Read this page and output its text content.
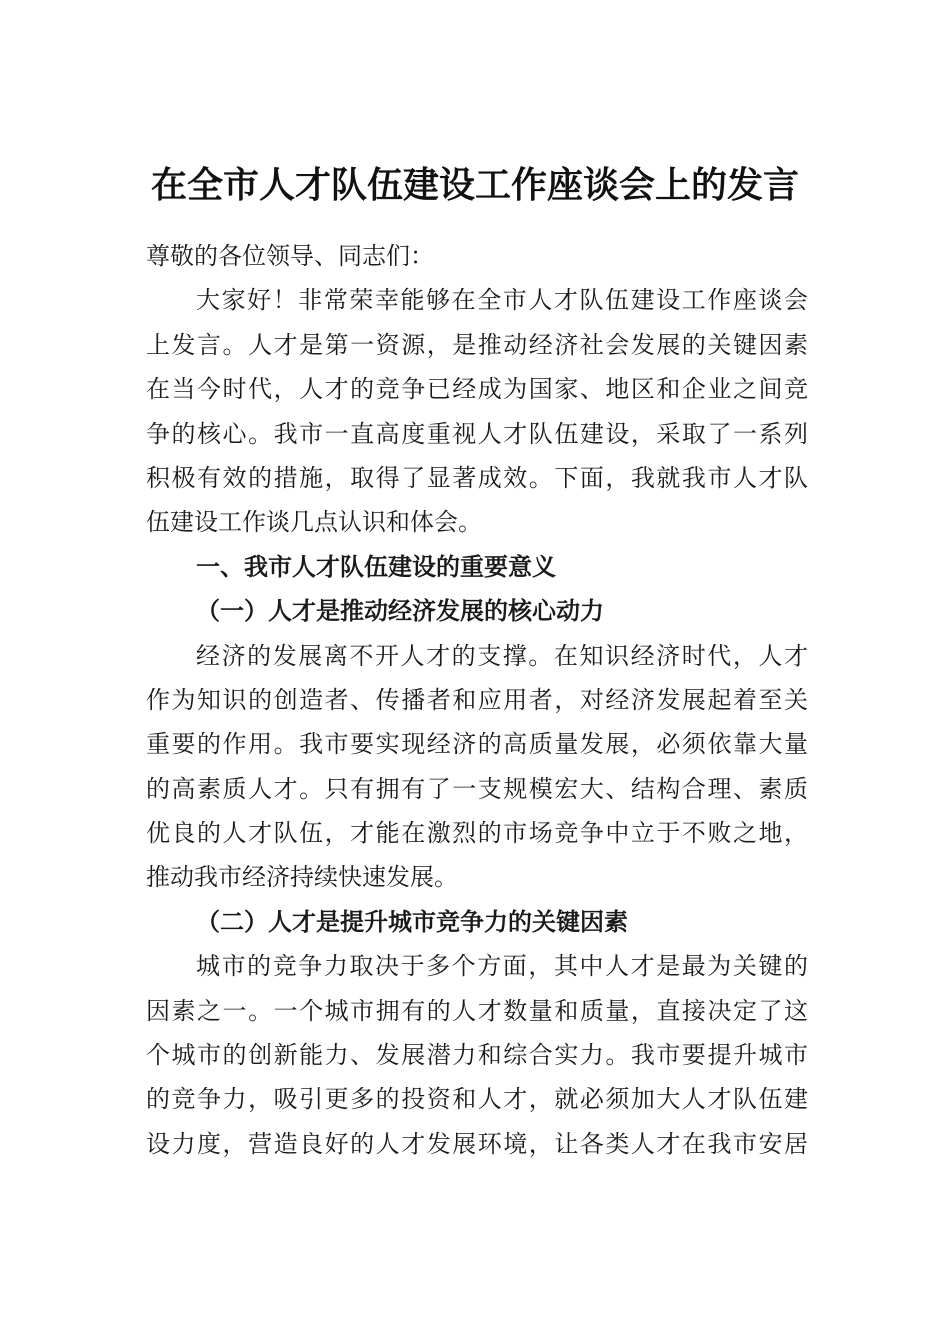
在全市人才队伍建设工作座谈会上的发言
尊敬的各位领导、同志们：
大家好！非常荣幸能够在全市人才队伍建设工作座谈会
上发言。人才是第一资源，是推动经济社会发展的关键因素
在当今时代，人才的竞争已经成为国家、地区和企业之间竞
争的核心。我市一直高度重视人才队伍建设，采取了一系列
积极有效的措施，取得了显著成效。下面，我就我市人才队
伍建设工作谈几点认识和体会。
一、我市人才队伍建设的重要意义
（一）人才是推动经济发展的核心动力
经济的发展离不开人才的支撑。在知识经济时代，人才
作为知识的创造者、传播者和应用者，对经济发展起着至关
重要的作用。我市要实现经济的高质量发展，必须依靠大量
的高素质人才。只有拥有了一支规模宏大、结构合理、素质
优良的人才队伍，才能在激烈的市场竞争中立于不败之地，
推动我市经济持续快速发展。
（二）人才是提升城市竞争力的关键因素
城市的竞争力取决于多个方面，其中人才是最为关键的
因素之一。一个城市拥有的人才数量和质量，直接决定了这
个城市的创新能力、发展潜力和综合实力。我市要提升城市
的竞争力，吸引更多的投资和人才，就必须加大人才队伍建
设力度，营造良好的人才发展环境，让各类人才在我市安居
